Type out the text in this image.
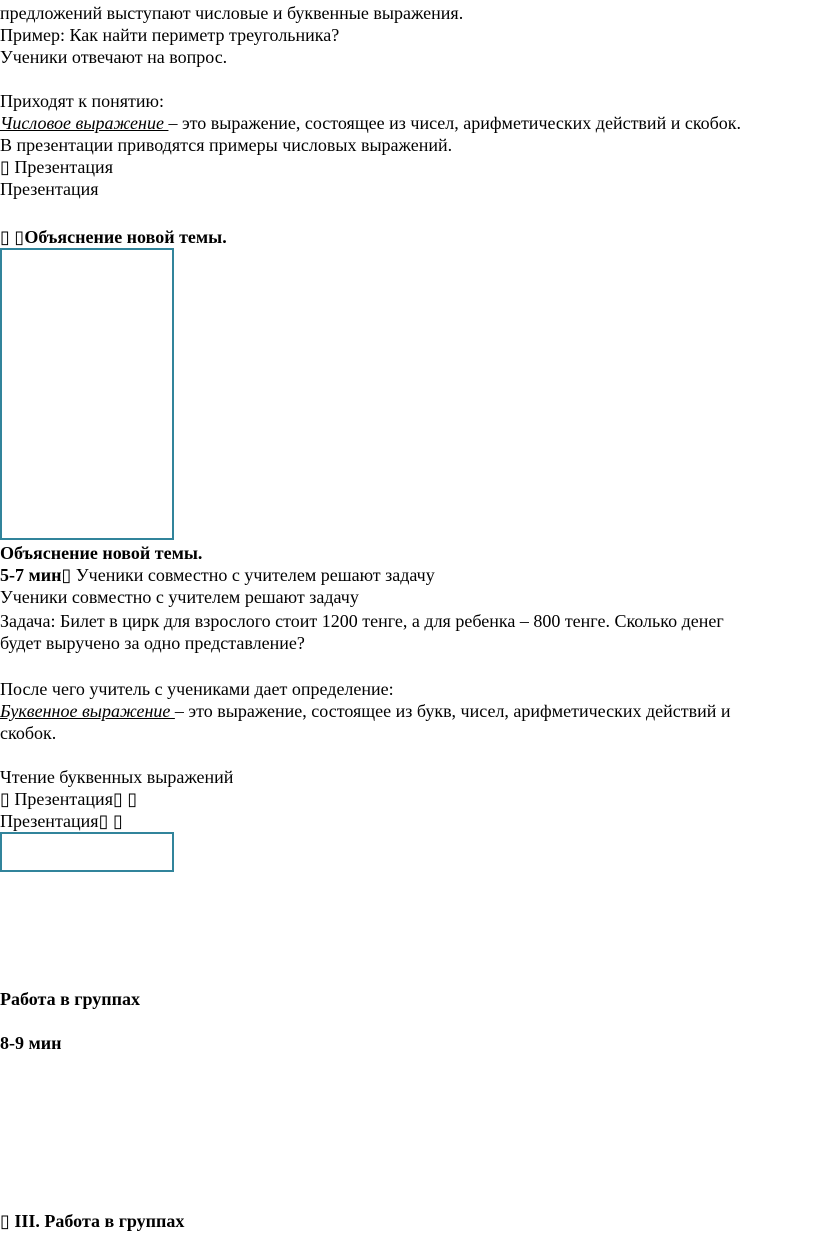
предложений выступают числовые и буквенные выражения.
Пример: Как найти периметр треугольника?
Ученики отвечают на вопрос.
Приходят к понятию:
Числовое выражение – это выражение, состоящее из чисел, арифметических действий и скобок.
В презентации приводятся примеры числовых выражений.
▯ Презентация
Презентация
▯ ▯Объяснение новой темы.
Объяснение новой темы.
5-7 мин▯ Ученики совместно с учителем решают задачу
Ученики совместно с учителем решают задачу
Задача: Билет в цирк для взрослого стоит 1200 тенге, а для ребенка – 800 тенге. Сколько денег
будет выручено за одно представление?
После чего учитель с учениками дает определение:
Буквенное выражение – это выражение, состоящее из букв, чисел, арифметических действий и
скобок.
Чтение буквенных выражений
▯ Презентация▯ ▯
Презентация▯ ▯
Работа в группах
8-9 мин
▯ III. Работа в группах
